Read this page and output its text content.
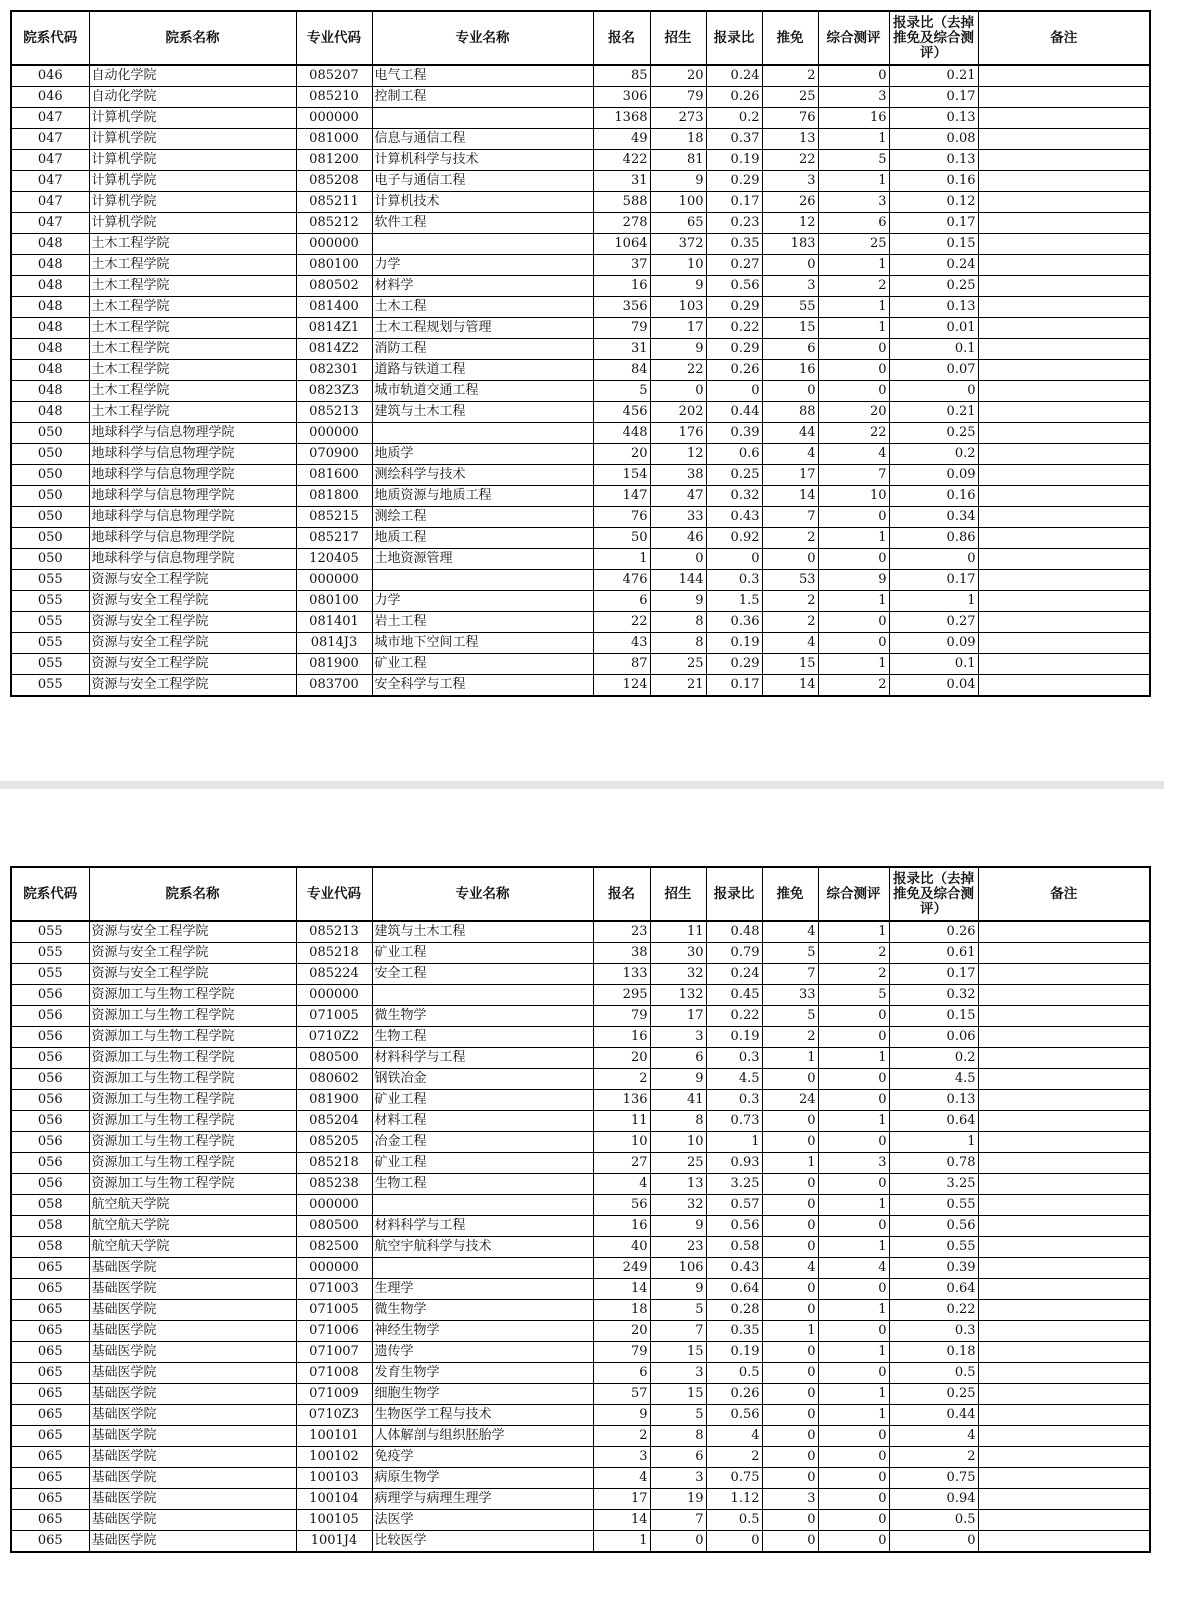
院系代码	院系名称	专业代码	专业名称	报名	招生	报录比	推免	综合测评	报录比（去掉推免及综合测评）	备注
046	自动化学院	085207	电气工程	85	20	0.24	2	0	0.21	
046	自动化学院	085210	控制工程	306	79	0.26	25	3	0.17	
047	计算机学院	000000		1368	273	0.2	76	16	0.13	
047	计算机学院	081000	信息与通信工程	49	18	0.37	13	1	0.08	
047	计算机学院	081200	计算机科学与技术	422	81	0.19	22	5	0.13	
047	计算机学院	085208	电子与通信工程	31	9	0.29	3	1	0.16	
047	计算机学院	085211	计算机技术	588	100	0.17	26	3	0.12	
047	计算机学院	085212	软件工程	278	65	0.23	12	6	0.17	
048	土木工程学院	000000		1064	372	0.35	183	25	0.15	
048	土木工程学院	080100	力学	37	10	0.27	0	1	0.24	
048	土木工程学院	080502	材料学	16	9	0.56	3	2	0.25	
048	土木工程学院	081400	土木工程	356	103	0.29	55	1	0.13	
048	土木工程学院	0814Z1	土木工程规划与管理	79	17	0.22	15	1	0.01	
048	土木工程学院	0814Z2	消防工程	31	9	0.29	6	0	0.1	
048	土木工程学院	082301	道路与铁道工程	84	22	0.26	16	0	0.07	
048	土木工程学院	0823Z3	城市轨道交通工程	5	0	0	0	0	0	
048	土木工程学院	085213	建筑与土木工程	456	202	0.44	88	20	0.21	
050	地球科学与信息物理学院	000000		448	176	0.39	44	22	0.25	
050	地球科学与信息物理学院	070900	地质学	20	12	0.6	4	4	0.2	
050	地球科学与信息物理学院	081600	测绘科学与技术	154	38	0.25	17	7	0.09	
050	地球科学与信息物理学院	081800	地质资源与地质工程	147	47	0.32	14	10	0.16	
050	地球科学与信息物理学院	085215	测绘工程	76	33	0.43	7	0	0.34	
050	地球科学与信息物理学院	085217	地质工程	50	46	0.92	2	1	0.86	
050	地球科学与信息物理学院	120405	土地资源管理	1	0	0	0	0	0	
055	资源与安全工程学院	000000		476	144	0.3	53	9	0.17	
055	资源与安全工程学院	080100	力学	6	9	1.5	2	1	1	
055	资源与安全工程学院	081401	岩土工程	22	8	0.36	2	0	0.27	
055	资源与安全工程学院	0814J3	城市地下空间工程	43	8	0.19	4	0	0.09	
055	资源与安全工程学院	081900	矿业工程	87	25	0.29	15	1	0.1	
055	资源与安全工程学院	083700	安全科学与工程	124	21	0.17	14	2	0.04	
院系代码	院系名称	专业代码	专业名称	报名	招生	报录比	推免	综合测评	报录比（去掉推免及综合测评）	备注
055	资源与安全工程学院	085213	建筑与土木工程	23	11	0.48	4	1	0.26	
055	资源与安全工程学院	085218	矿业工程	38	30	0.79	5	2	0.61	
055	资源与安全工程学院	085224	安全工程	133	32	0.24	7	2	0.17	
056	资源加工与生物工程学院	000000		295	132	0.45	33	5	0.32	
056	资源加工与生物工程学院	071005	微生物学	79	17	0.22	5	0	0.15	
056	资源加工与生物工程学院	0710Z2	生物工程	16	3	0.19	2	0	0.06	
056	资源加工与生物工程学院	080500	材料科学与工程	20	6	0.3	1	1	0.2	
056	资源加工与生物工程学院	080602	钢铁冶金	2	9	4.5	0	0	4.5	
056	资源加工与生物工程学院	081900	矿业工程	136	41	0.3	24	0	0.13	
056	资源加工与生物工程学院	085204	材料工程	11	8	0.73	0	1	0.64	
056	资源加工与生物工程学院	085205	冶金工程	10	10	1	0	0	1	
056	资源加工与生物工程学院	085218	矿业工程	27	25	0.93	1	3	0.78	
056	资源加工与生物工程学院	085238	生物工程	4	13	3.25	0	0	3.25	
058	航空航天学院	000000		56	32	0.57	0	1	0.55	
058	航空航天学院	080500	材料科学与工程	16	9	0.56	0	0	0.56	
058	航空航天学院	082500	航空宇航科学与技术	40	23	0.58	0	1	0.55	
065	基础医学院	000000		249	106	0.43	4	4	0.39	
065	基础医学院	071003	生理学	14	9	0.64	0	0	0.64	
065	基础医学院	071005	微生物学	18	5	0.28	0	1	0.22	
065	基础医学院	071006	神经生物学	20	7	0.35	1	0	0.3	
065	基础医学院	071007	遗传学	79	15	0.19	0	1	0.18	
065	基础医学院	071008	发育生物学	6	3	0.5	0	0	0.5	
065	基础医学院	071009	细胞生物学	57	15	0.26	0	1	0.25	
065	基础医学院	0710Z3	生物医学工程与技术	9	5	0.56	0	1	0.44	
065	基础医学院	100101	人体解剖与组织胚胎学	2	8	4	0	0	4	
065	基础医学院	100102	免疫学	3	6	2	0	0	2	
065	基础医学院	100103	病原生物学	4	3	0.75	0	0	0.75	
065	基础医学院	100104	病理学与病理生理学	17	19	1.12	3	0	0.94	
065	基础医学院	100105	法医学	14	7	0.5	0	0	0.5	
065	基础医学院	1001J4	比较医学	1	0	0	0	0	0	
